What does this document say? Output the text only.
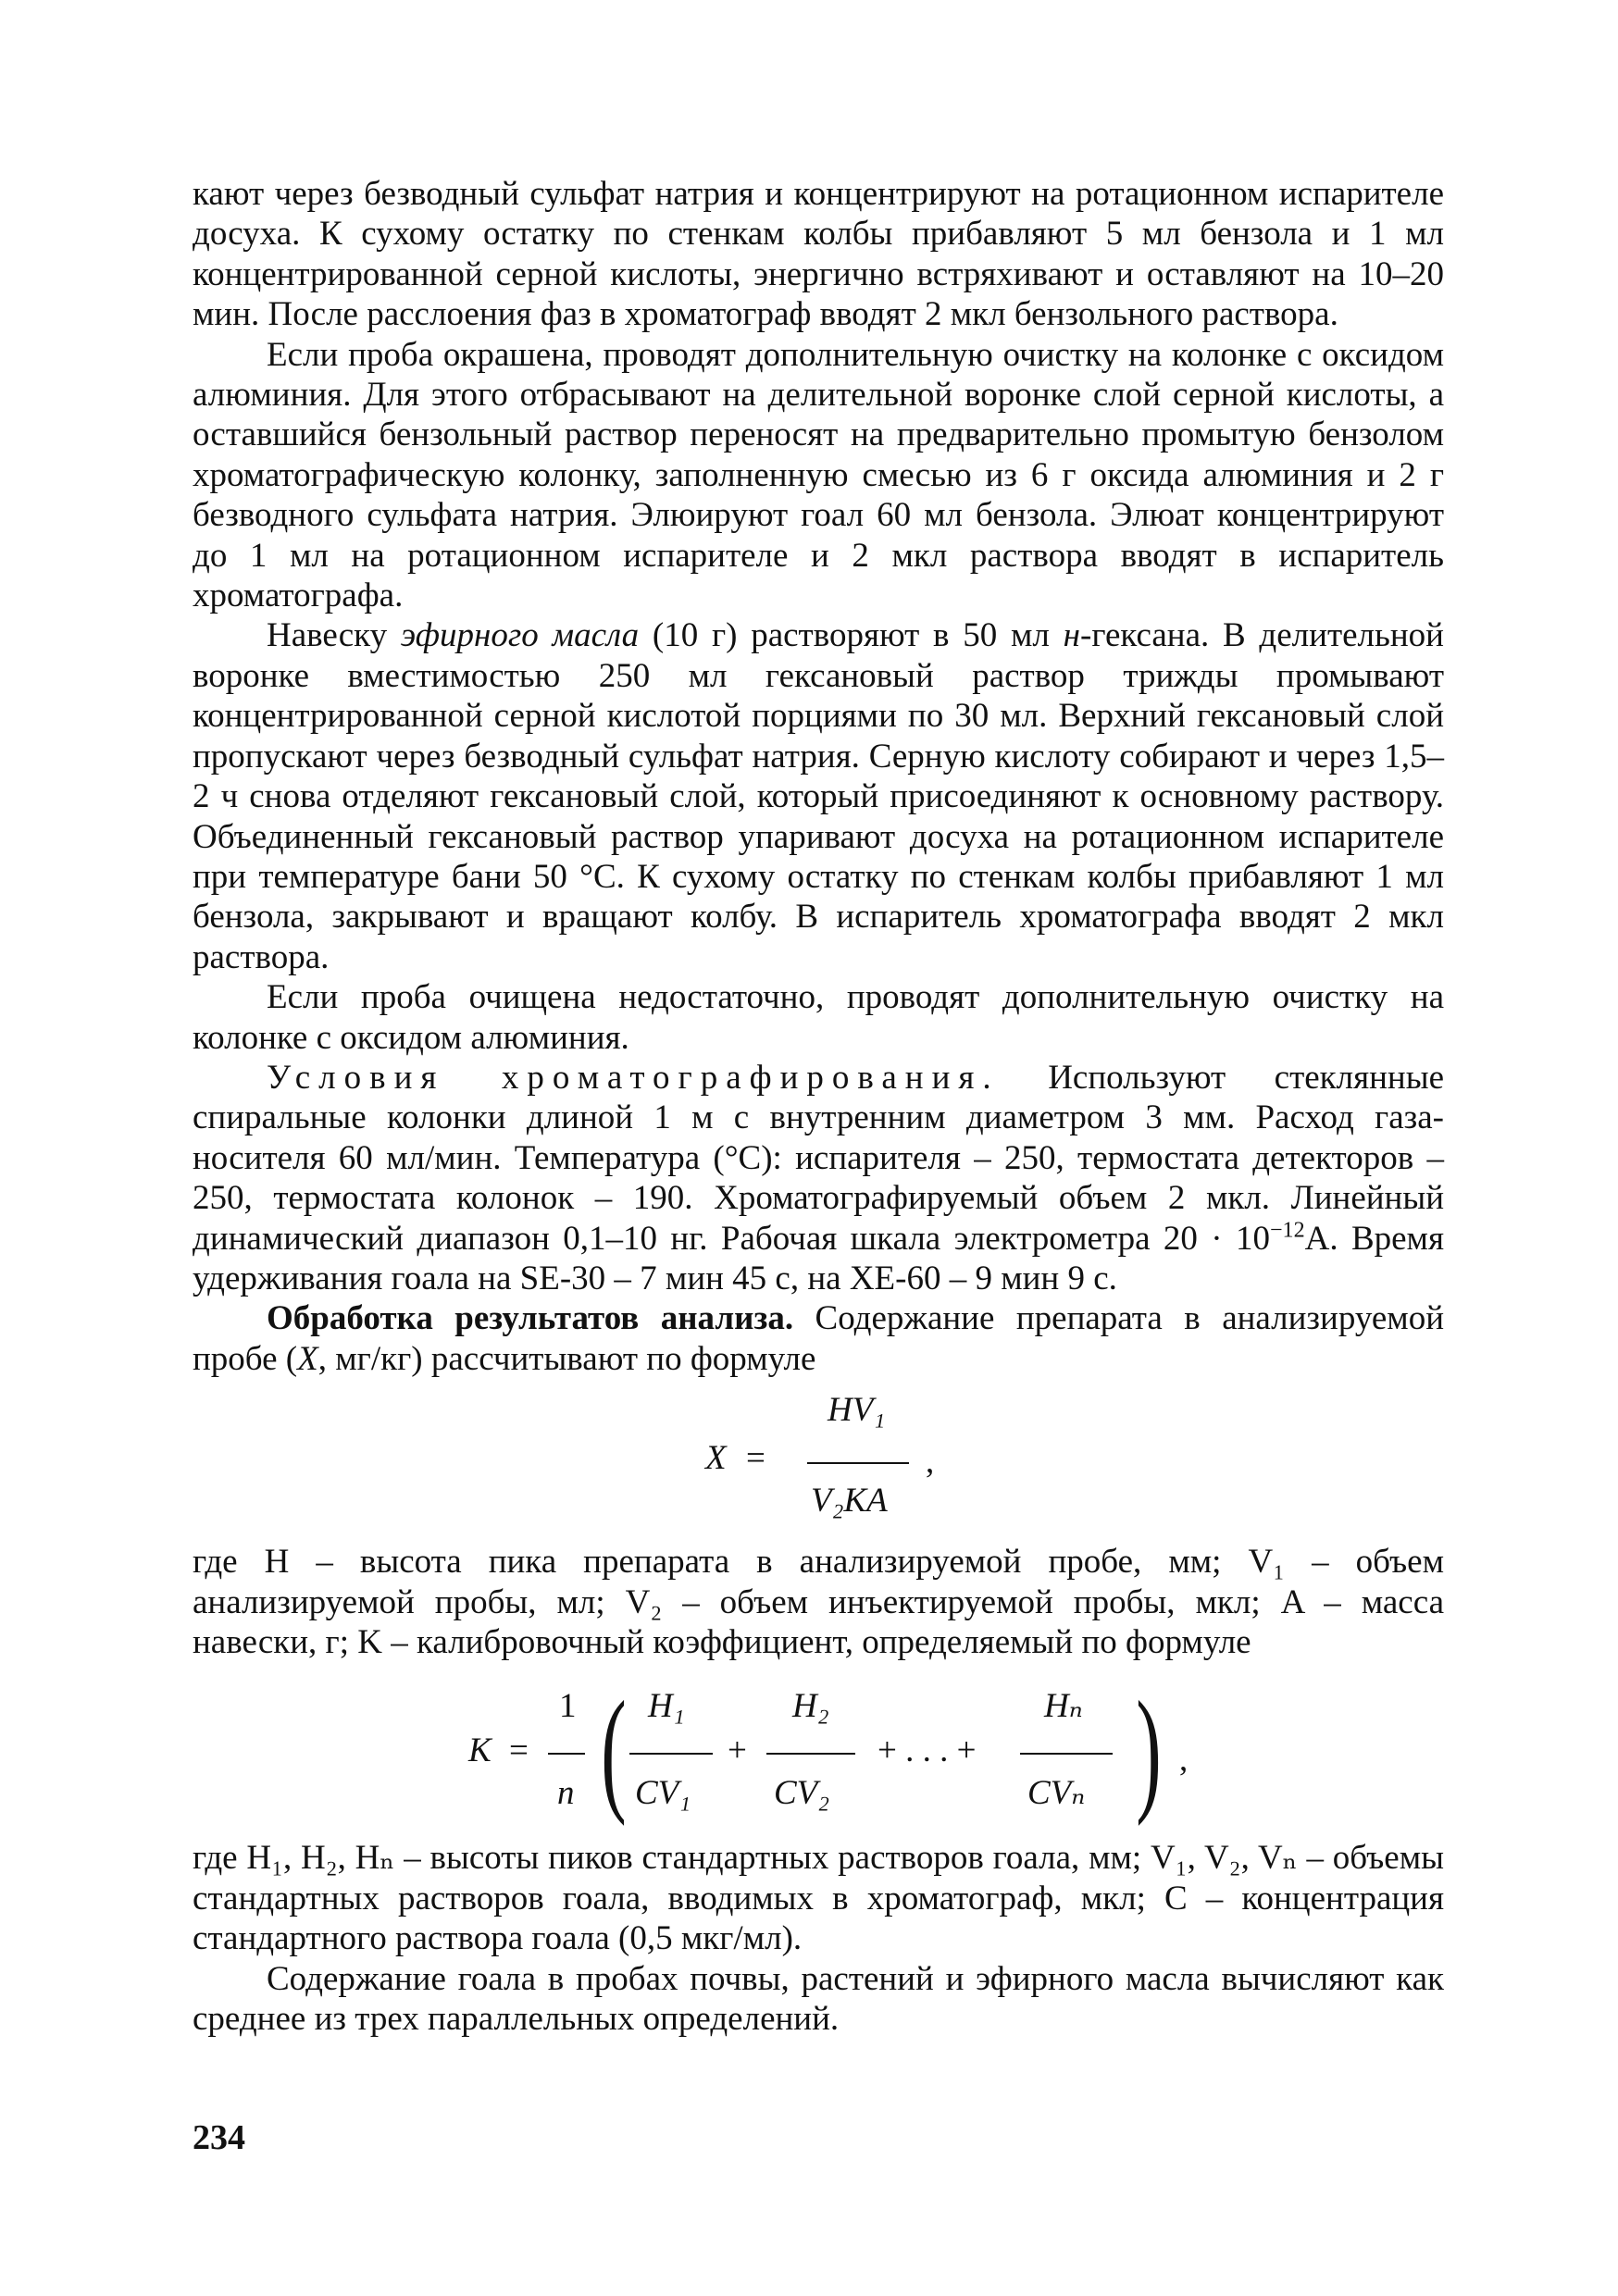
кают через безводный сульфат натрия и концентрируют на ротационном испарителе досуха. К сухому остатку по стенкам колбы прибавляют 5 мл бензола и 1 мл концентрированной серной кислоты, энергично встряхивают и оставляют на 10–20 мин. После расслоения фаз в хроматограф вводят 2 мкл бензольного раствора.

Если проба окрашена, проводят дополнительную очистку на колонке с оксидом алюминия. Для этого отбрасывают на делительной воронке слой серной кислоты, а оставшийся бензольный раствор переносят на предварительно промытую бензолом хроматографическую колонку, заполненную смесью из 6 г оксида алюминия и 2 г безводного сульфата натрия. Элюируют гоал 60 мл бензола. Элюат концентрируют до 1 мл на ротационном испарителе и 2 мкл раствора вводят в испаритель хроматографа.

Навеску эфирного масла (10 г) растворяют в 50 мл н-гексана. В делительной воронке вместимостью 250 мл гексановый раствор трижды промывают концентрированной серной кислотой порциями по 30 мл. Верхний гексановый слой пропускают через безводный сульфат натрия. Серную кислоту собирают и через 1,5–2 ч снова отделяют гексановый слой, который присоединяют к основному раствору. Объединенный гексановый раствор упаривают досуха на ротационном испарителе при температуре бани 50 °С. К сухому остатку по стенкам колбы прибавляют 1 мл бензола, закрывают и вращают колбу. В испаритель хроматографа вводят 2 мкл раствора.

Если проба очищена недостаточно, проводят дополнительную очистку на колонке с оксидом алюминия.

Условия хроматографирования. Используют стеклянные спиральные колонки длиной 1 м с внутренним диаметром 3 мм. Расход газа-носителя 60 мл/мин. Температура (°С): испарителя – 250, термостата детекторов – 250, термостата колонок – 190. Хроматографируемый объем 2 мкл. Линейный динамический диапазон 0,1–10 нг. Рабочая шкала электрометра $20 \cdot 10^{-12}А$. Время удерживания гоала на SE-30 – 7 мин 45 с, на ХЕ-60 – 9 мин 9 с.

Обработка результатов анализа. Содержание препарата в анализируемой пробе (X, мг/кг) рассчитывают по формуле

X =
HV₁
V₂KA
,

где H – высота пика препарата в анализируемой пробе, мм; V₁ – объем анализируемой пробы, мл; V₂ – объем инъектируемой пробы, мкл; A – масса навески, г; K – калибровочный коэффициент, определяемый по формуле

K =
1
n ( H₁
CV₁
+
H₂
CV₂
+ . . . +
Hₙ
CVₙ ) ,

где H₁, H₂, Hₙ – высоты пиков стандартных растворов гоала, мм; V₁, V₂, Vₙ – объемы стандартных растворов гоала, вводимых в хроматограф, мкл; C – концентрация стандартного раствора гоала (0,5 мкг/мл).

Содержание гоала в пробах почвы, растений и эфирного масла вычисляют как среднее из трех параллельных определений.

234
